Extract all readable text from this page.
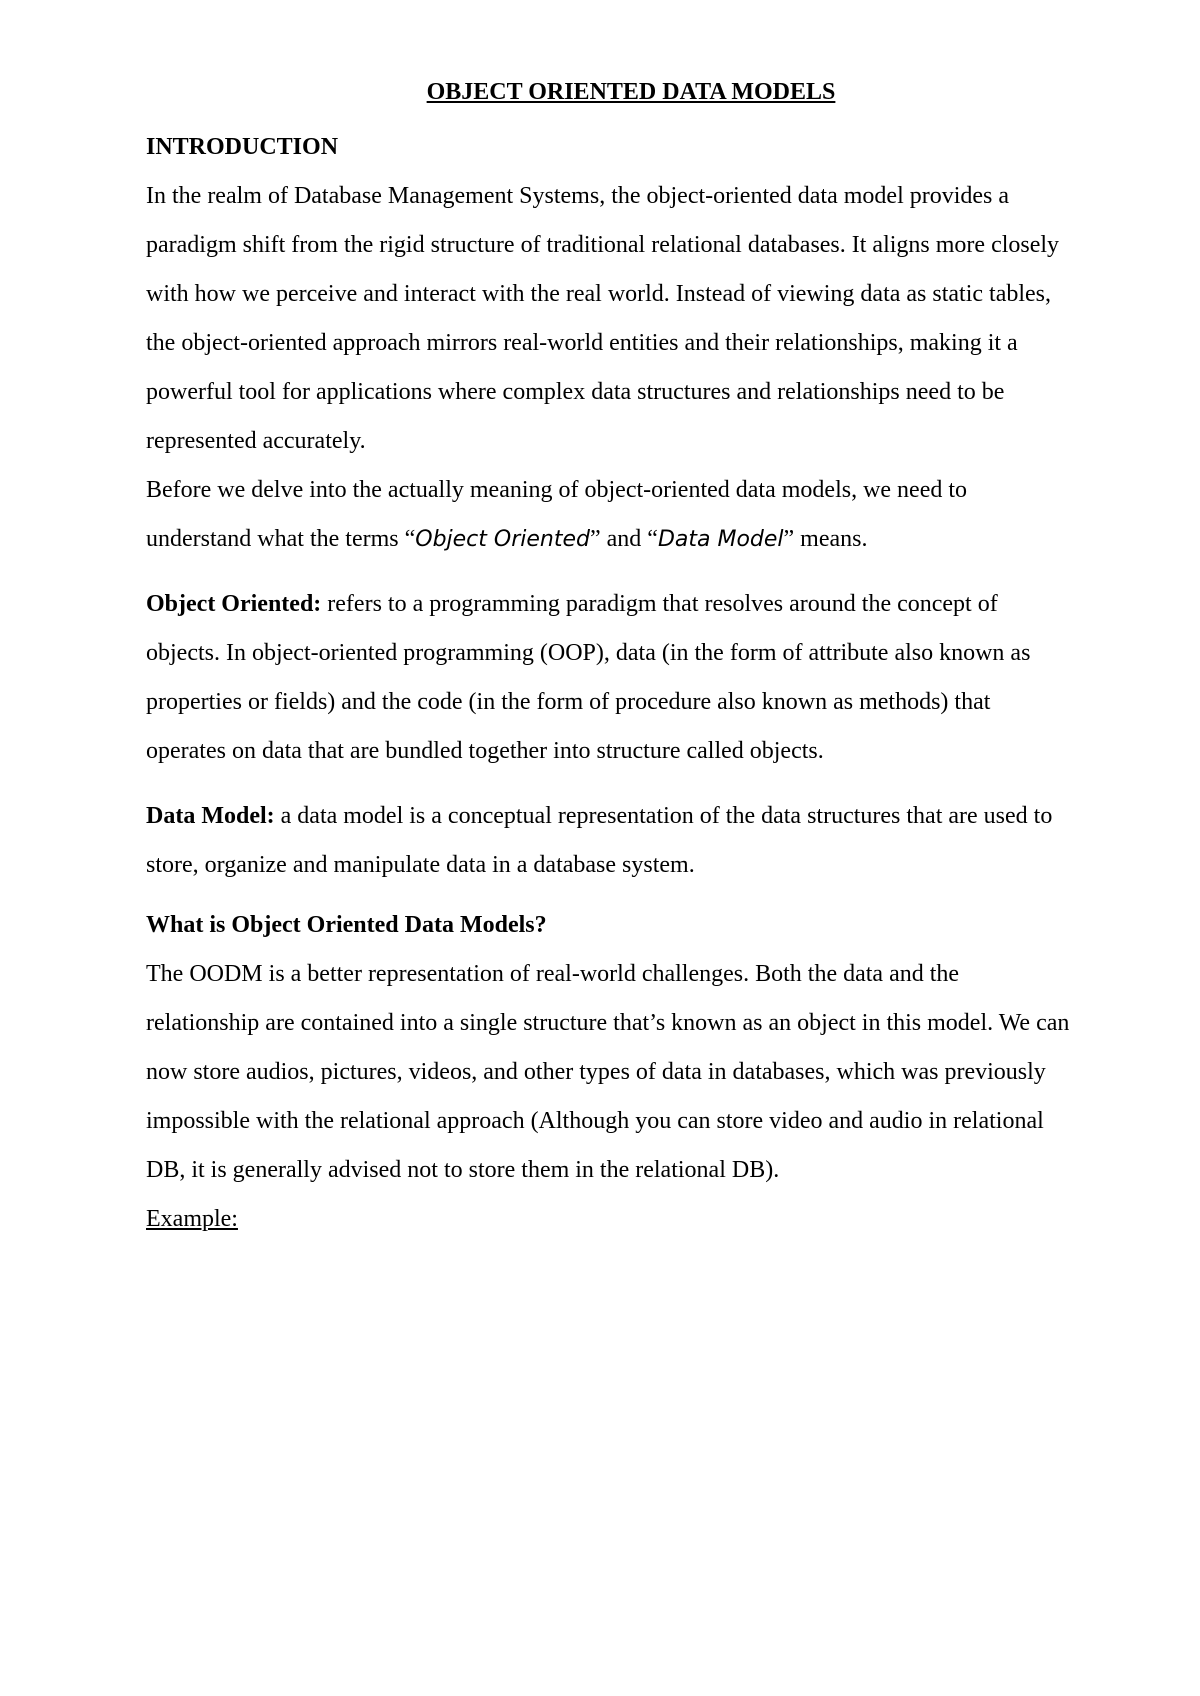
OBJECT ORIENTED DATA MODELS
INTRODUCTION

In the realm of Database Management Systems, the object-oriented data model provides a paradigm shift from the rigid structure of traditional relational databases. It aligns more closely with how we perceive and interact with the real world. Instead of viewing data as static tables, the object-oriented approach mirrors real-world entities and their relationships, making it a powerful tool for applications where complex data structures and relationships need to be represented accurately.

Before we delve into the actually meaning of object-oriented data models, we need to understand what the terms “Object Oriented” and “Data Model” means.

Object Oriented: refers to a programming paradigm that resolves around the concept of objects. In object-oriented programming (OOP), data (in the form of attribute also known as properties or fields) and the code (in the form of procedure also known as methods) that operates on data that are bundled together into structure called objects.

Data Model: a data model is a conceptual representation of the data structures that are used to store, organize and manipulate data in a database system.

What is Object Oriented Data Models?

The OODM is a better representation of real-world challenges. Both the data and the relationship are contained into a single structure that’s known as an object in this model. We can now store audios, pictures, videos, and other types of data in databases, which was previously impossible with the relational approach (Although you can store video and audio in relational DB, it is generally advised not to store them in the relational DB).

Example:
